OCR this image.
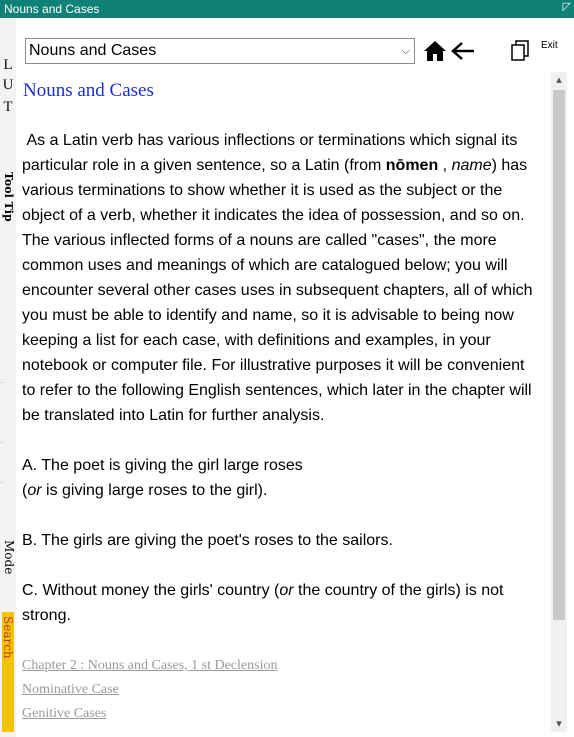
Nouns and Cases	◸
L
U
T
Tool Tip
.
.
.
Mode
Search
Nouns and Cases	⌵	Exit
Nouns and Cases
As a Latin verb has various inflections or terminations which signal its particular role in a given sentence, so a Latin (from nōmen , name) has various terminations to show whether it is used as the subject or the object of a verb, whether it indicates the idea of possession, and so on. The various inflected forms of a nouns are called "cases", the more common uses and meanings of which are catalogued below; you will encounter several other cases uses in subsequent chapters, all of which you must be able to identify and name, so it is advisable to being now keeping a list for each case, with definitions and examples, in your notebook or computer file. For illustrative purposes it will be convenient to refer to the following English sentences, which later in the chapter will be translated into Latin for further analysis.
A. The poet is giving the girl large roses
(or is giving large roses to the girl).
B. The girls are giving the poet's roses to the sailors.
C. Without money the girls' country (or the country of the girls) is not
strong.
Chapter 2 : Nouns and Cases, 1 st Declension
Nominative Case
Genitive Cases
▴
▾
